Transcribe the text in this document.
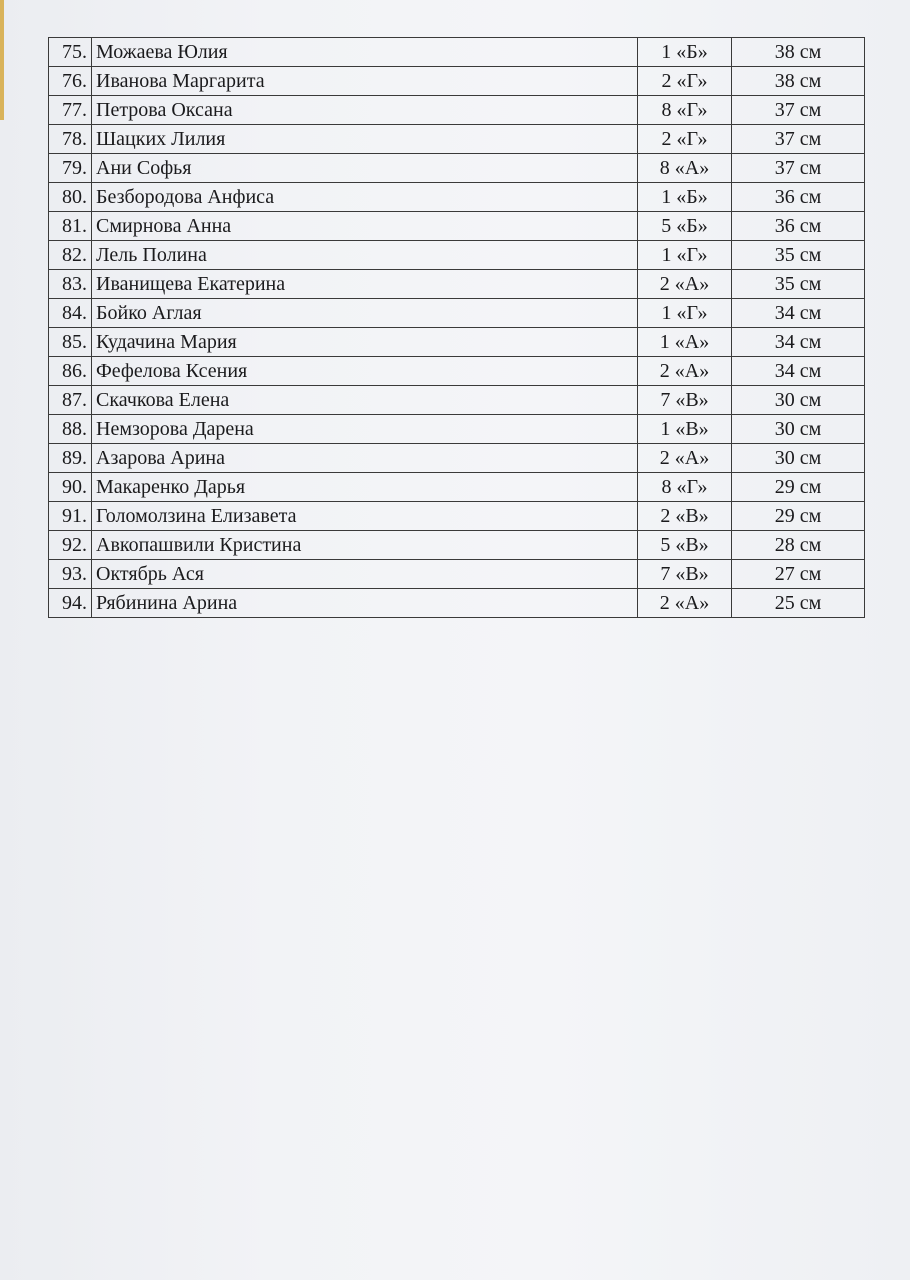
75.	Можаева Юлия	1 «Б»	38 см
76.	Иванова Маргарита	2 «Г»	38 см
77.	Петрова Оксана	8 «Г»	37 см
78.	Шацких Лилия	2 «Г»	37 см
79.	Ани Софья	8 «А»	37 см
80.	Безбородова Анфиса	1 «Б»	36 см
81.	Смирнова Анна	5 «Б»	36 см
82.	Лель Полина	1 «Г»	35 см
83.	Иванищева Екатерина	2 «А»	35 см
84.	Бойко Аглая	1 «Г»	34 см
85.	Кудачина Мария	1 «А»	34 см
86.	Фефелова Ксения	2 «А»	34 см
87.	Скачкова Елена	7 «В»	30 см
88.	Немзорова Дарена	1 «В»	30 см
89.	Азарова Арина	2 «А»	30 см
90.	Макаренко Дарья	8 «Г»	29 см
91.	Голомолзина Елизавета	2 «В»	29 см
92.	Авкопашвили Кристина	5 «В»	28 см
93.	Октябрь Ася	7 «В»	27 см
94.	Рябинина Арина	2 «А»	25 см
